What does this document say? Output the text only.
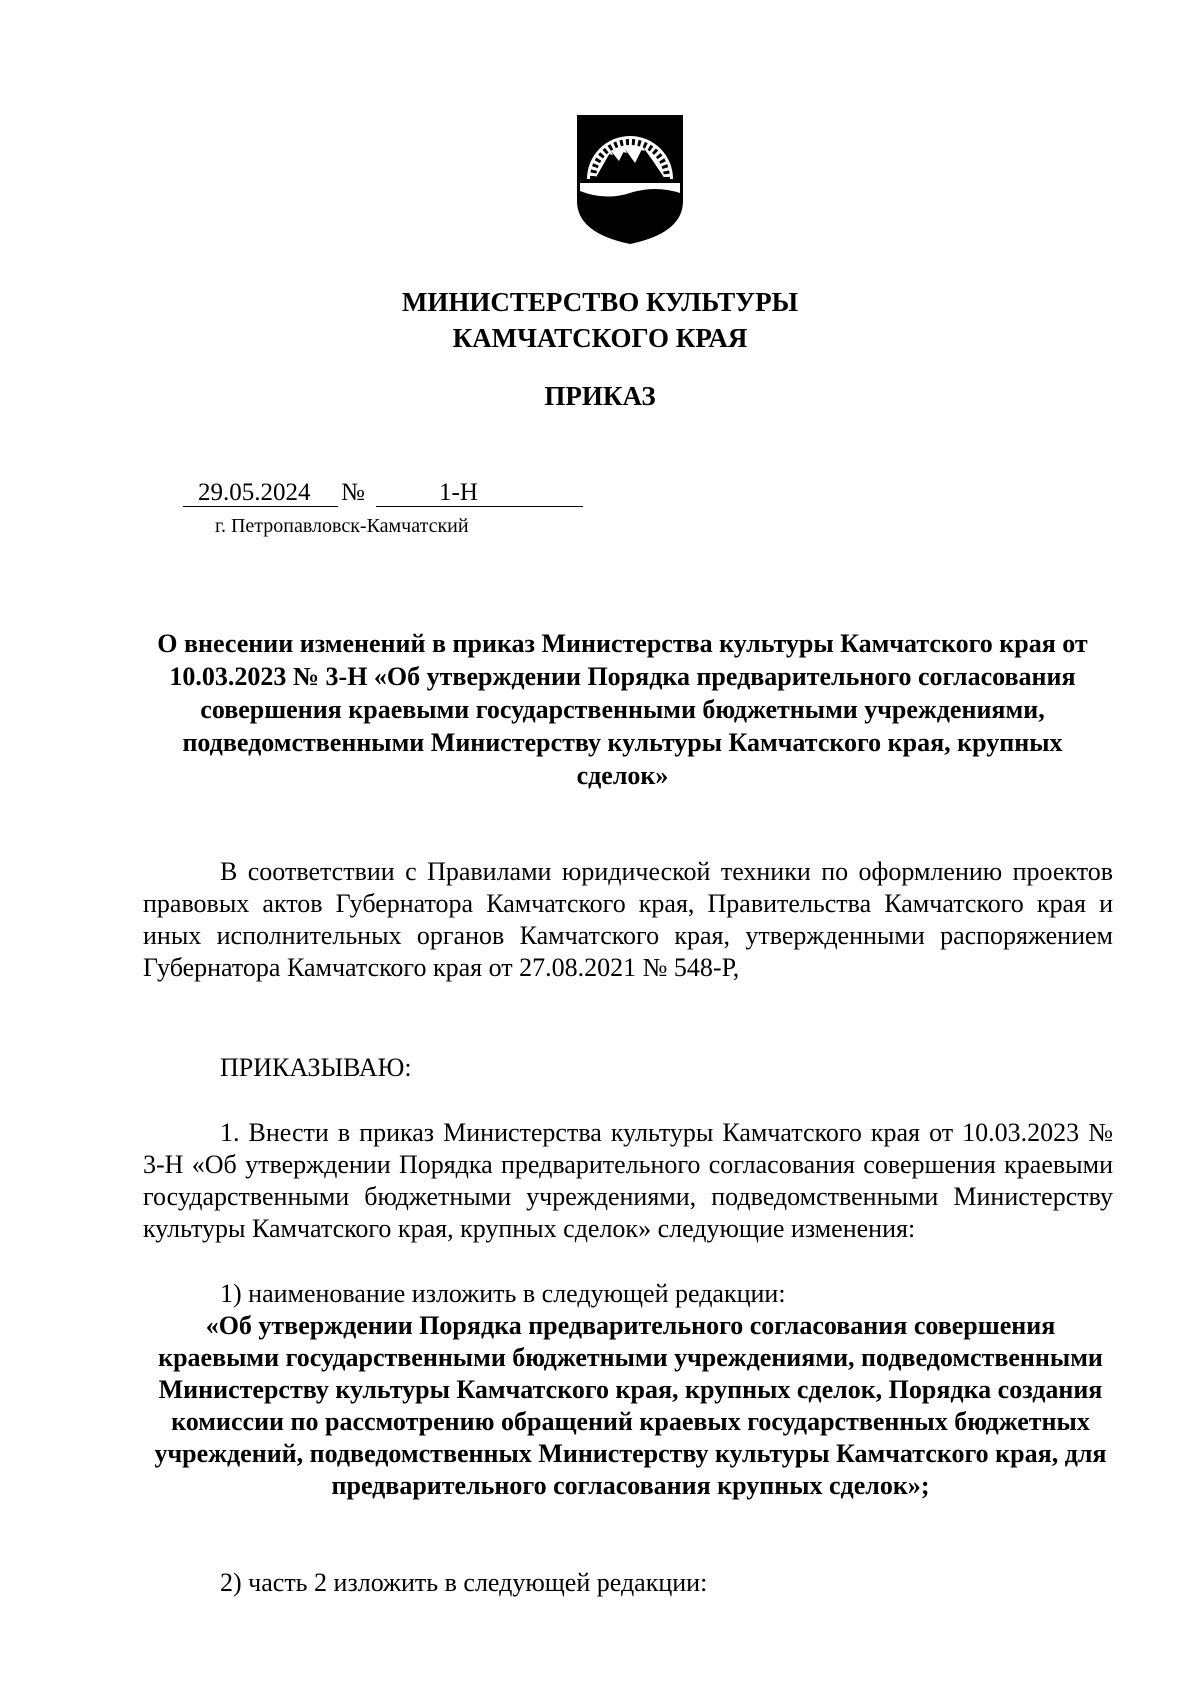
МИНИСТЕРСТВО КУЛЬТУРЫ
КАМЧАТСКОГО КРАЯ
ПРИКАЗ
29.05.2024 №	1-Н
г. Петропавловск-Камчатский
О внесении изменений в приказ Министерства культуры Камчатского края от 10.03.2023 № 3-Н «Об утверждении Порядка предварительного согласования совершения краевыми государственными бюджетными учреждениями, подведомственными Министерству культуры Камчатского края, крупных сделок»
В соответствии с Правилами юридической техники по оформлению проектов правовых актов Губернатора Камчатского края, Правительства Камчатского края и иных исполнительных органов Камчатского края, утвержденными распоряжением Губернатора Камчатского края от 27.08.2021 № 548-Р,
ПРИКАЗЫВАЮ:
1. Внести в приказ Министерства культуры Камчатского края от 10.03.2023 № 3-Н «Об утверждении Порядка предварительного согласования совершения краевыми государственными бюджетными учреждениями, подведомственными Министерству культуры Камчатского края, крупных сделок» следующие изменения:
1) наименование изложить в следующей редакции:
«Об утверждении Порядка предварительного согласования совершения краевыми государственными бюджетными учреждениями, подведомственными Министерству культуры Камчатского края, крупных сделок, Порядка создания комиссии по рассмотрению обращений краевых государственных бюджетных учреждений, подведомственных Министерству культуры Камчатского края, для предварительного согласования крупных сделок»;
2) часть 2 изложить в следующей редакции:
